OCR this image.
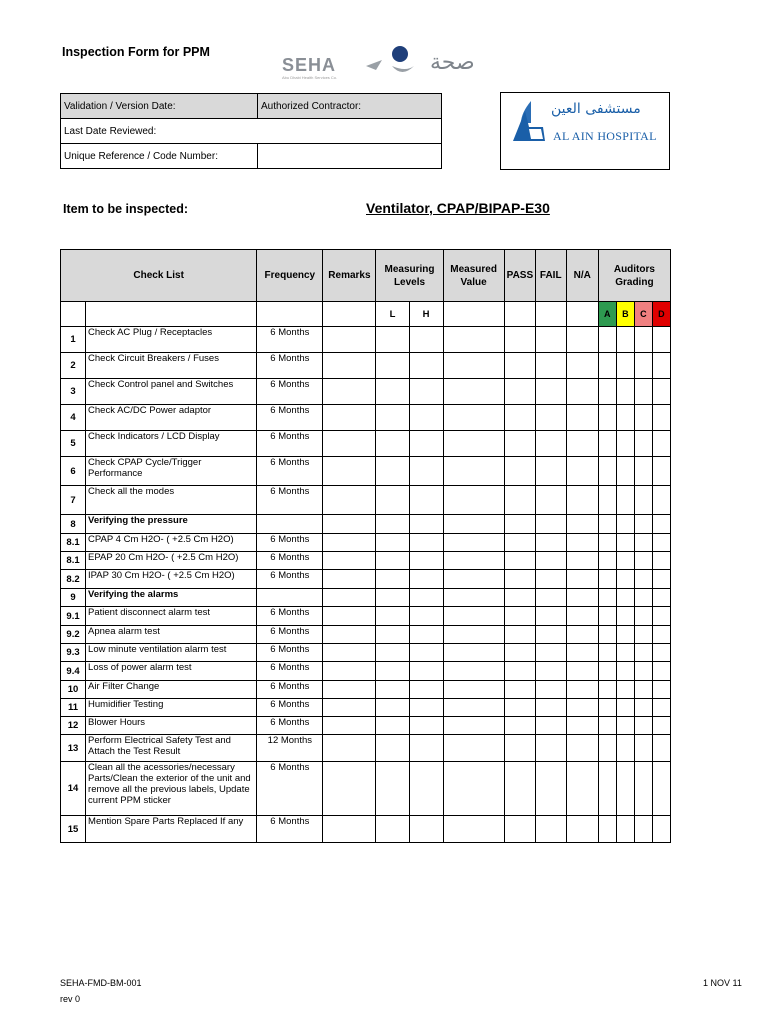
Inspection Form for PPM
SEHA	صحة
Abu Dhabi Health Services Co.
Validation / Version Date:	Authorized Contractor:
Last Date Reviewed:	
Unique Reference / Code Number:	
مستشفى العين
AL AIN HOSPITAL
Item to be inspected:	Ventilator, CPAP/BIPAP-E30
Check List		Frequency	Remarks	Measuring Levels		Measured Value	PASS	FAIL	N/A	Auditors Grading			
				L	H					A	B	C	D
1	Check AC Plug / Receptacles	6 Months											
2	Check Circuit Breakers / Fuses	6 Months											
3	Check Control panel and Switches	6 Months											
4	Check AC/DC Power adaptor	6 Months											
5	Check Indicators / LCD Display	6 Months											
6	Check CPAP Cycle/Trigger Performance	6 Months											
7	Check all the modes	6 Months											
8	Verifying the pressure												
8.1	CPAP 4 Cm H2O- ( +2.5 Cm H2O)	6 Months											
8.1	EPAP 20 Cm H2O- ( +2.5 Cm H2O)	6 Months											
8.2	IPAP 30 Cm H2O- ( +2.5 Cm H2O)	6 Months											
9	Verifying the alarms												
9.1	Patient disconnect alarm test	6 Months											
9.2	Apnea alarm test	6 Months											
9.3	Low minute ventilation alarm test	6 Months											
9.4	Loss of power alarm test	6 Months											
10	Air Filter Change	6 Months											
11	Humidifier Testing	6 Months											
12	Blower Hours	6 Months											
13	Perform Electrical Safety Test and Attach the Test Result	12 Months											
14	Clean all the acessories/necessary Parts/Clean the exterior of the unit and remove all the previous labels, Update current PPM sticker	6 Months											
15	Mention Spare Parts Replaced If any	6 Months											
SEHA-FMD-BM-001
rev 0
1 NOV 11
